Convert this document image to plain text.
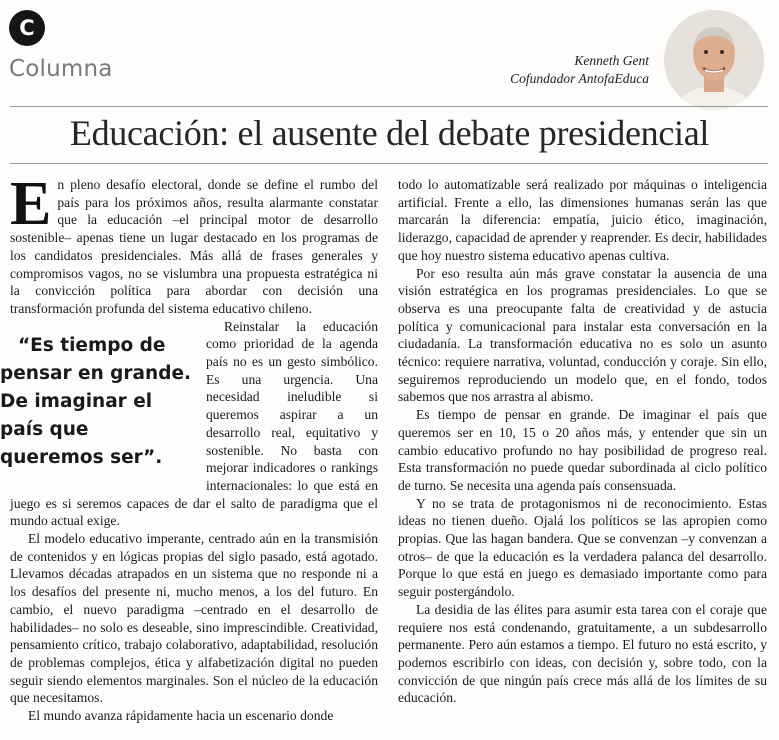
C
Columna	Kenneth Gent
Cofundador AntofaEduca
Educación: el ausente del debate presidencial

En pleno desafío electoral, donde se define el rumbo del país para los próximos años, resulta alarmante constatar que la educación –el principal motor de desarrollo sostenible– apenas tiene un lugar destacado en los programas de los candidatos presidenciales. Más allá de frases generales y compromisos vagos, no se vislumbra una propuesta estratégica ni la convicción política para abordar con decisión una transformación profunda del sistema educativo chileno.

“Es tiempo de pensar en grande. De imaginar el país que queremos ser”.
Reinstalar la educación como prioridad de la agenda país no es un gesto simbólico. Es una urgencia. Una necesidad ineludible si queremos aspirar a un desarrollo real, equitativo y sostenible. No basta con mejorar indicadores o rankings internacionales: lo que está en juego es si seremos capaces de dar el salto de paradigma que el mundo actual exige.

El modelo educativo imperante, centrado aún en la transmisión de contenidos y en lógicas propias del siglo pasado, está agotado. Llevamos décadas atrapados en un sistema que no responde ni a los desafíos del presente ni, mucho menos, a los del futuro. En cambio, el nuevo paradigma –centrado en el desarrollo de habilidades– no solo es deseable, sino imprescindible. Creatividad, pensamiento crítico, trabajo colaborativo, adaptabilidad, resolución de problemas complejos, ética y alfabetización digital no pueden seguir siendo elementos marginales. Son el núcleo de la educación que necesitamos.

El mundo avanza rápidamente hacia un escenario donde

todo lo automatizable será realizado por máquinas o inteligencia artificial. Frente a ello, las dimensiones humanas serán las que marcarán la diferencia: empatía, juicio ético, imaginación, liderazgo, capacidad de aprender y reaprender. Es decir, habilidades que hoy nuestro sistema educativo apenas cultiva.

Por eso resulta aún más grave constatar la ausencia de una visión estratégica en los programas presidenciales. Lo que se observa es una preocupante falta de creatividad y de astucia política y comunicacional para instalar esta conversación en la ciudadanía. La transformación educativa no es solo un asunto técnico: requiere narrativa, voluntad, conducción y coraje. Sin ello, seguiremos reproduciendo un modelo que, en el fondo, todos sabemos que nos arrastra al abismo.

Es tiempo de pensar en grande. De imaginar el país que queremos ser en 10, 15 o 20 años más, y entender que sin un cambio educativo profundo no hay posibilidad de progreso real. Esta transformación no puede quedar subordinada al ciclo político de turno. Se necesita una agenda país consensuada.

Y no se trata de protagonismos ni de reconocimiento. Estas ideas no tienen dueño. Ojalá los políticos se las apropien como propias. Que las hagan bandera. Que se convenzan –y convenzan a otros– de que la educación es la verdadera palanca del desarrollo. Porque lo que está en juego es demasiado importante como para seguir postergándolo.

La desidia de las élites para asumir esta tarea con el coraje que requiere nos está condenando, gratuitamente, a un subdesarrollo permanente. Pero aún estamos a tiempo. El futuro no está escrito, y podemos escribirlo con ideas, con decisión y, sobre todo, con la convicción de que ningún país crece más allá de los límites de su educación.
